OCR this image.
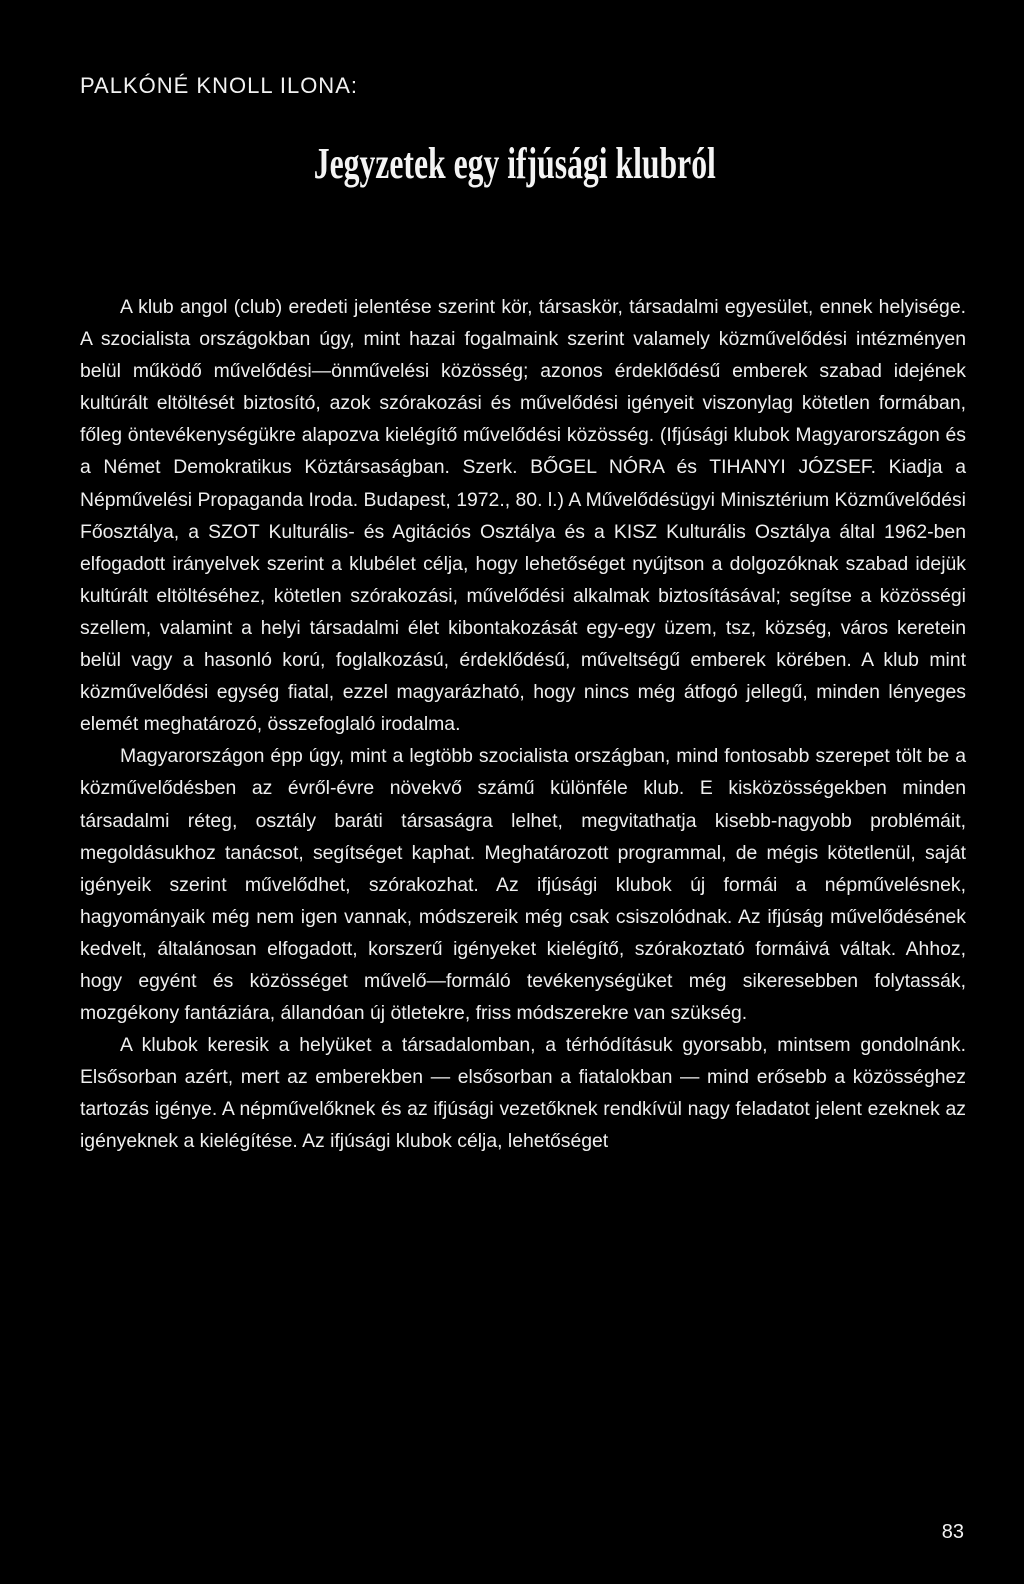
PALKÓNÉ KNOLL ILONA:
Jegyzetek egy ifjúsági klubról

A klub angol (club) eredeti jelentése szerint kör, társaskör, társadalmi egyesület, ennek helyisége. A szocialista országokban úgy, mint hazai fogalmaink szerint valamely közművelődési intézményen belül működő művelődési—önművelési közösség; azonos érdeklődésű emberek szabad idejének kultúrált eltöltését biztosító, azok szórakozási és művelődési igényeit viszonylag kötetlen formában, főleg öntevékenységükre alapozva kielégítő művelődési közösség. (Ifjúsági klubok Magyarországon és a Német Demokratikus Köztársaságban. Szerk. BŐGEL NÓRA és TIHANYI JÓZSEF. Kiadja a Népművelési Propaganda Iroda. Budapest, 1972., 80. l.) A Művelődésügyi Minisztérium Közművelődési Főosztálya, a SZOT Kulturális- és Agitációs Osztálya és a KISZ Kulturális Osztálya által 1962-ben elfogadott irányelvek szerint a klubélet célja, hogy lehetőséget nyújtson a dolgozóknak szabad idejük kultúrált eltöltéséhez, kötetlen szórakozási, művelődési alkalmak biztosításával; segítse a közösségi szellem, valamint a helyi társadalmi élet kibontakozását egy-egy üzem, tsz, község, város keretein belül vagy a hasonló korú, foglalkozású, érdeklődésű, műveltségű emberek körében. A klub mint közművelődési egység fiatal, ezzel magyarázható, hogy nincs még átfogó jellegű, minden lényeges elemét meghatározó, összefoglaló irodalma.

Magyarországon épp úgy, mint a legtöbb szocialista országban, mind fontosabb szerepet tölt be a közművelődésben az évről-évre növekvő számű különféle klub. E kisközösségekben minden társadalmi réteg, osztály baráti társaságra lelhet, megvitathatja kisebb-nagyobb problémáit, megoldásukhoz tanácsot, segítséget kaphat. Meghatározott programmal, de mégis kötetlenül, saját igényeik szerint művelődhet, szórakozhat. Az ifjúsági klubok új formái a népművelésnek, hagyományaik még nem igen vannak, módszereik még csak csiszolódnak. Az ifjúság művelődésének kedvelt, általánosan elfogadott, korszerű igényeket kielégítő, szórakoztató formáivá váltak. Ahhoz, hogy egyént és közösséget művelő—formáló tevékenységüket még sikeresebben folytassák, mozgékony fantáziára, állandóan új ötletekre, friss módszerekre van szükség.

A klubok keresik a helyüket a társadalomban, a térhódításuk gyorsabb, mintsem gondolnánk. Elsősorban azért, mert az emberekben — elsősorban a fiatalokban — mind erősebb a közösséghez tartozás igénye. A népművelőknek és az ifjúsági vezetőknek rendkívül nagy feladatot jelent ezeknek az igényeknek a kielégítése. Az ifjúsági klubok célja, lehetőséget

83
